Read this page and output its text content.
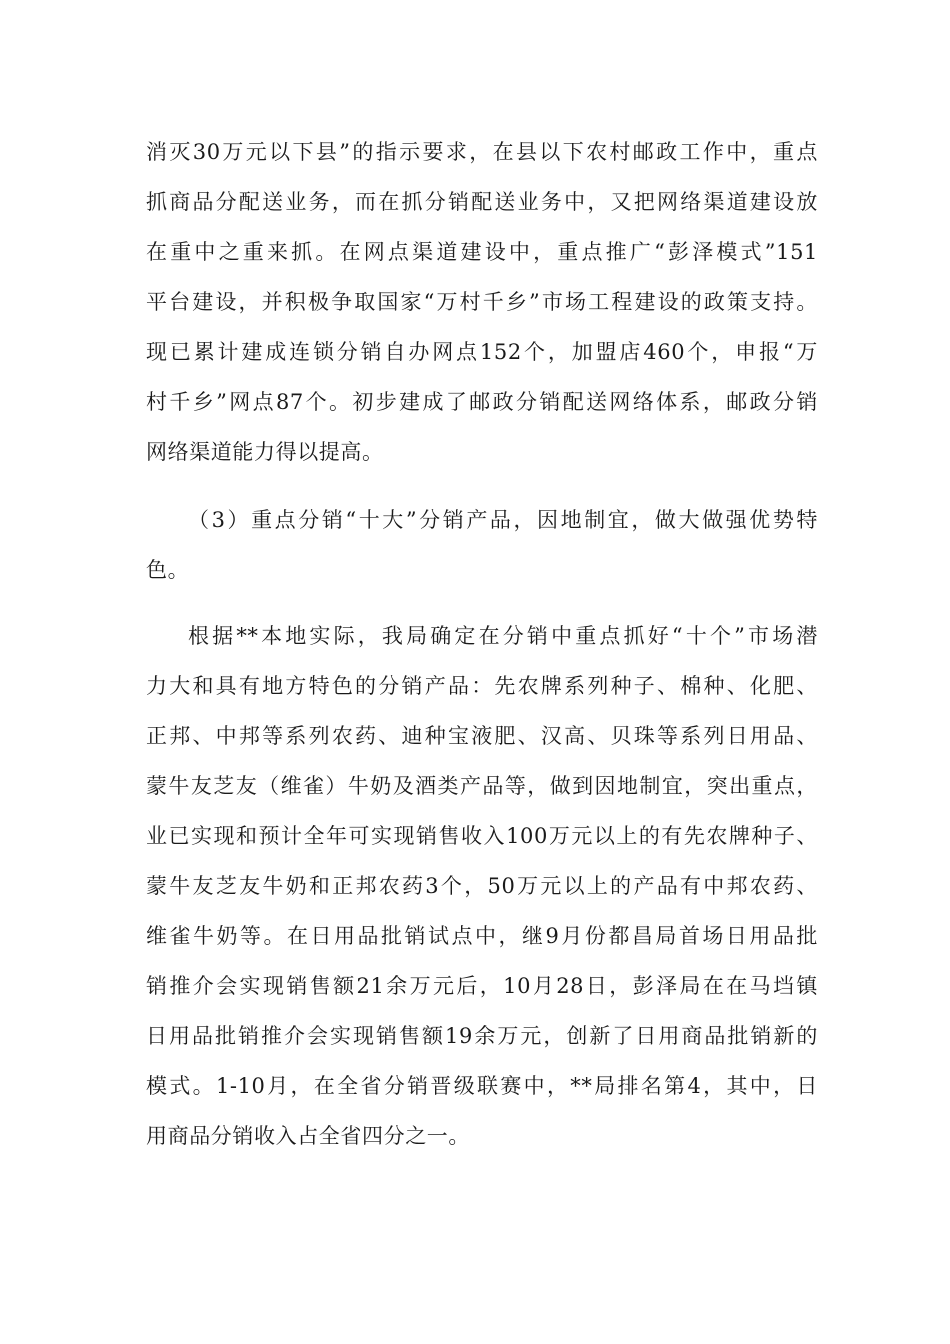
消灭30万元以下县”的指示要求，在县以下农村邮政工作中，重点
抓商品分配送业务，而在抓分销配送业务中，又把网络渠道建设放
在重中之重来抓。在网点渠道建设中，重点推广“彭泽模式”151
平台建设，并积极争取国家“万村千乡”市场工程建设的政策支持。
现已累计建成连锁分销自办网点152个，加盟店460个，申报“万
村千乡”网点87个。初步建成了邮政分销配送网络体系，邮政分销
网络渠道能力得以提高。
（3）重点分销“十大”分销产品，因地制宜，做大做强优势特
色。
根据**本地实际，我局确定在分销中重点抓好“十个”市场潜
力大和具有地方特色的分销产品：先农牌系列种子、棉种、化肥、
正邦、中邦等系列农药、迪种宝液肥、汉高、贝珠等系列日用品、
蒙牛友芝友（维雀）牛奶及酒类产品等，做到因地制宜，突出重点，
业已实现和预计全年可实现销售收入100万元以上的有先农牌种子、
蒙牛友芝友牛奶和正邦农药3个，50万元以上的产品有中邦农药、
维雀牛奶等。在日用品批销试点中，继9月份都昌局首场日用品批
销推介会实现销售额21余万元后，10月28日，彭泽局在在马垱镇
日用品批销推介会实现销售额19余万元，创新了日用商品批销新的
模式。1-10月，在全省分销晋级联赛中，**局排名第4，其中，日
用商品分销收入占全省四分之一。
